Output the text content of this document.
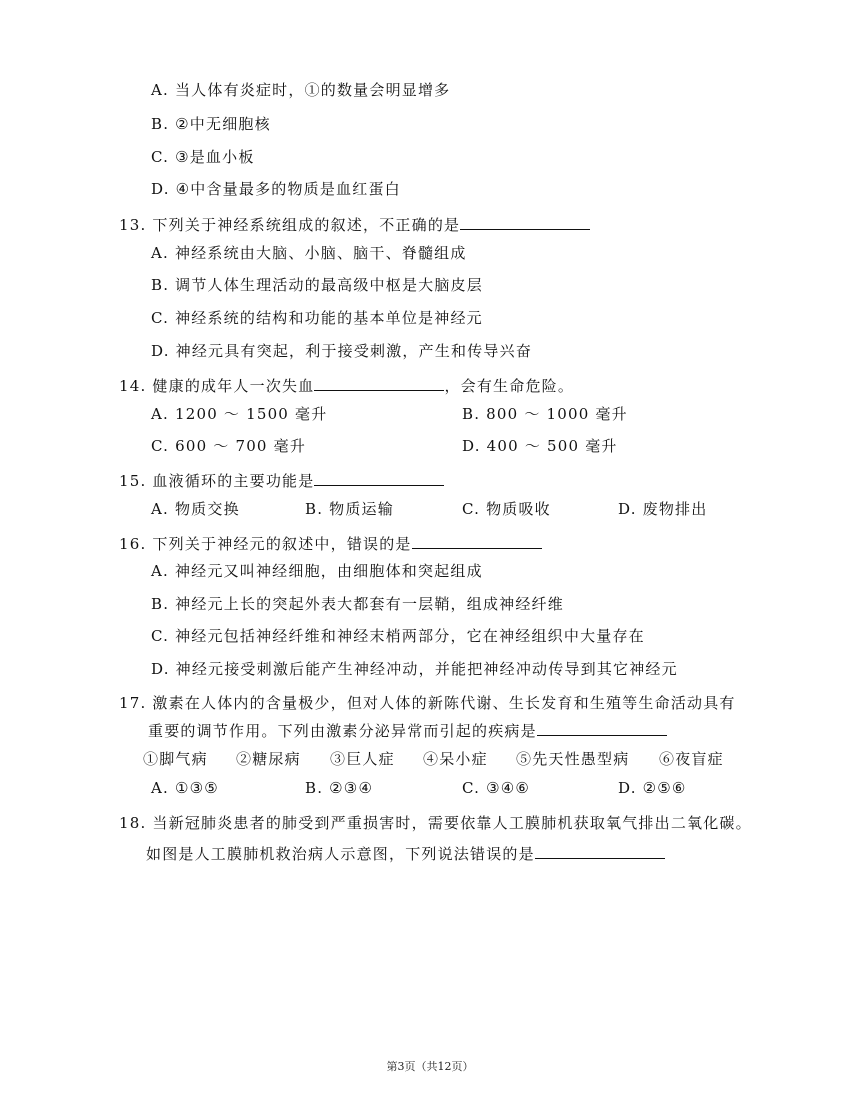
A. 当人体有炎症时，①的数量会明显增多
B. ②中无细胞核
C. ③是血小板
D. ④中含量最多的物质是血红蛋白
13. 下列关于神经系统组成的叙述，不正确的是
A. 神经系统由大脑、小脑、脑干、脊髓组成
B. 调节人体生理活动的最高级中枢是大脑皮层
C. 神经系统的结构和功能的基本单位是神经元
D. 神经元具有突起，利于接受刺激，产生和传导兴奋
14. 健康的成年人一次失血	，会有生命危险。
A. 1200 ～ 1500 毫升	B. 800 ～ 1000 毫升
C. 600 ～ 700 毫升	D. 400 ～ 500 毫升
15. 血液循环的主要功能是
A. 物质交换	B. 物质运输	C. 物质吸收	D. 废物排出
16. 下列关于神经元的叙述中，错误的是
A. 神经元又叫神经细胞，由细胞体和突起组成
B. 神经元上长的突起外表大都套有一层鞘，组成神经纤维
C. 神经元包括神经纤维和神经末梢两部分，它在神经组织中大量存在
D. 神经元接受刺激后能产生神经冲动，并能把神经冲动传导到其它神经元
17. 激素在人体内的含量极少，但对人体的新陈代谢、生长发育和生殖等生命活动具有
重要的调节作用。下列由激素分泌异常而引起的疾病是
①脚气病 ②糖尿病 ③巨人症 ④呆小症 ⑤先天性愚型病 ⑥夜盲症
A. ①③⑤	B. ②③④	C. ③④⑥	D. ②⑤⑥
18. 当新冠肺炎患者的肺受到严重损害时，需要依靠人工膜肺机获取氧气排出二氧化碳。
如图是人工膜肺机救治病人示意图，下列说法错误的是
第3页（共12页）
